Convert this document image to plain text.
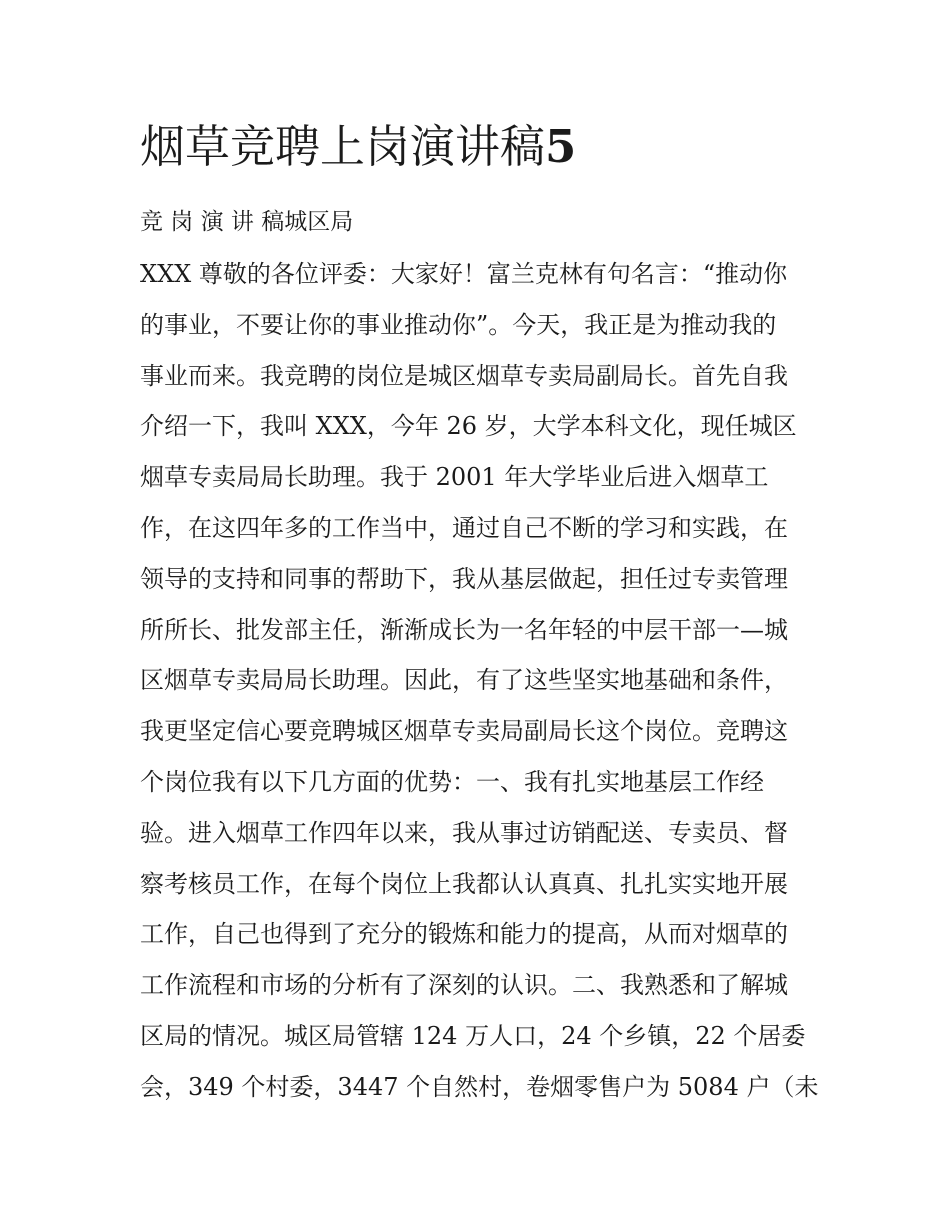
烟草竞聘上岗演讲稿5

竞 岗 演 讲 稿城区局

XXX 尊敬的各位评委：大家好！富兰克林有句名言：“推动你
的事业，不要让你的事业推动你”。今天，我正是为推动我的
事业而来。我竞聘的岗位是城区烟草专卖局副局长。首先自我
介绍一下，我叫 XXX，今年 26 岁，大学本科文化，现任城区
烟草专卖局局长助理。我于 2001 年大学毕业后进入烟草工
作，在这四年多的工作当中，通过自己不断的学习和实践，在
领导的支持和同事的帮助下，我从基层做起，担任过专卖管理
所所长、批发部主任，渐渐成长为一名年轻的中层干部一—城
区烟草专卖局局长助理。因此，有了这些坚实地基础和条件，
我更坚定信心要竞聘城区烟草专卖局副局长这个岗位。竞聘这
个岗位我有以下几方面的优势：一、我有扎实地基层工作经
验。进入烟草工作四年以来，我从事过访销配送、专卖员、督
察考核员工作，在每个岗位上我都认认真真、扎扎实实地开展
工作，自己也得到了充分的锻炼和能力的提高，从而对烟草的
工作流程和市场的分析有了深刻的认识。二、我熟悉和了解城
区局的情况。城区局管辖 124 万人口，24 个乡镇，22 个居委
会，349 个村委，3447 个自然村，卷烟零售户为 5084 户（未
